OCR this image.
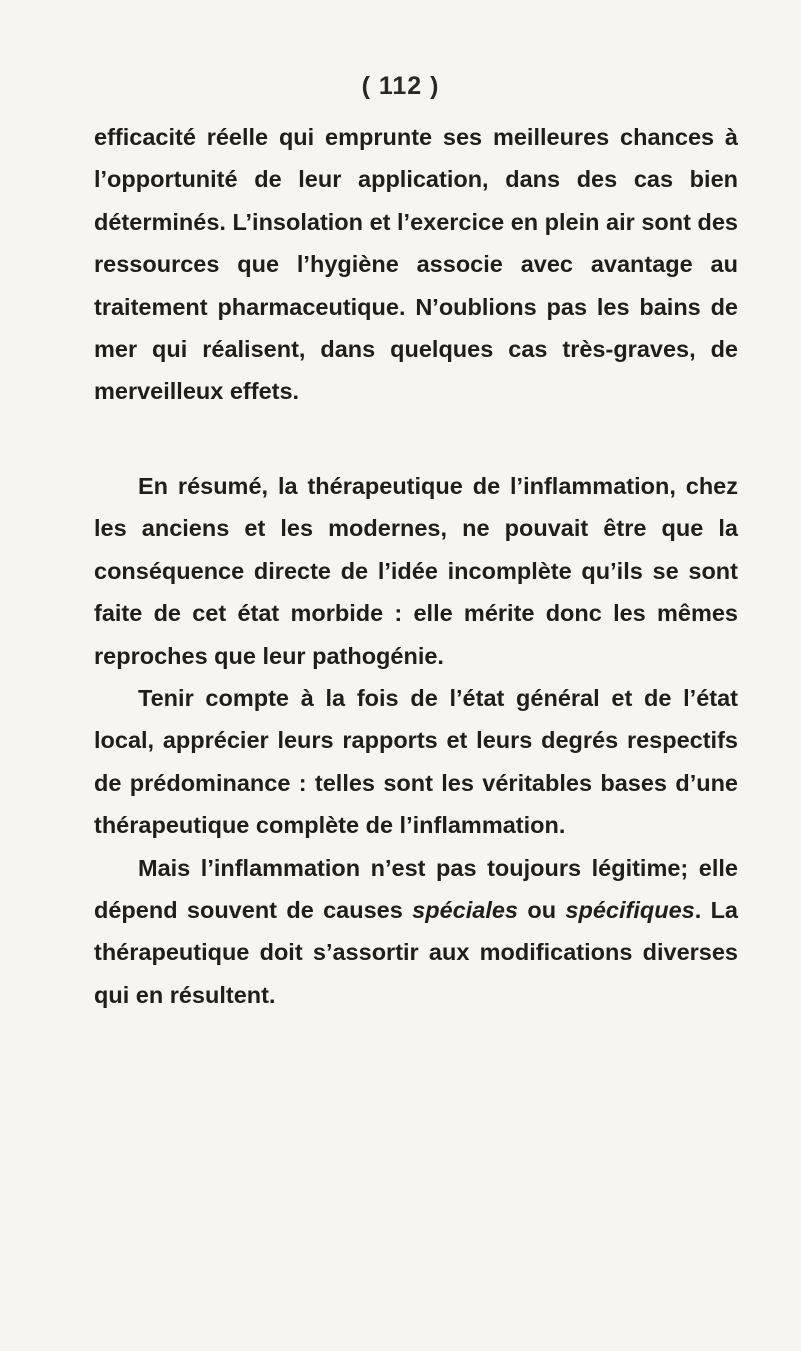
( 112 )

efficacité réelle qui emprunte ses meilleures chances à l’opportunité de leur application, dans des cas bien déterminés. L’insolation et l’exercice en plein air sont des ressources que l’hygiène associe avec avantage au traitement pharmaceutique. N’oublions pas les bains de mer qui réalisent, dans quelques cas très-graves, de merveilleux effets.

En résumé, la thérapeutique de l’inflammation, chez les anciens et les modernes, ne pouvait être que la conséquence directe de l’idée incomplète qu’ils se sont faite de cet état morbide : elle mérite donc les mêmes reproches que leur pathogénie.

Tenir compte à la fois de l’état général et de l’état local, apprécier leurs rapports et leurs degrés respectifs de prédominance : telles sont les véritables bases d’une thérapeutique complète de l’inflammation.

Mais l’inflammation n’est pas toujours légitime; elle dépend souvent de causes spéciales ou spécifiques. La thérapeutique doit s’assortir aux modifications diverses qui en résultent.
